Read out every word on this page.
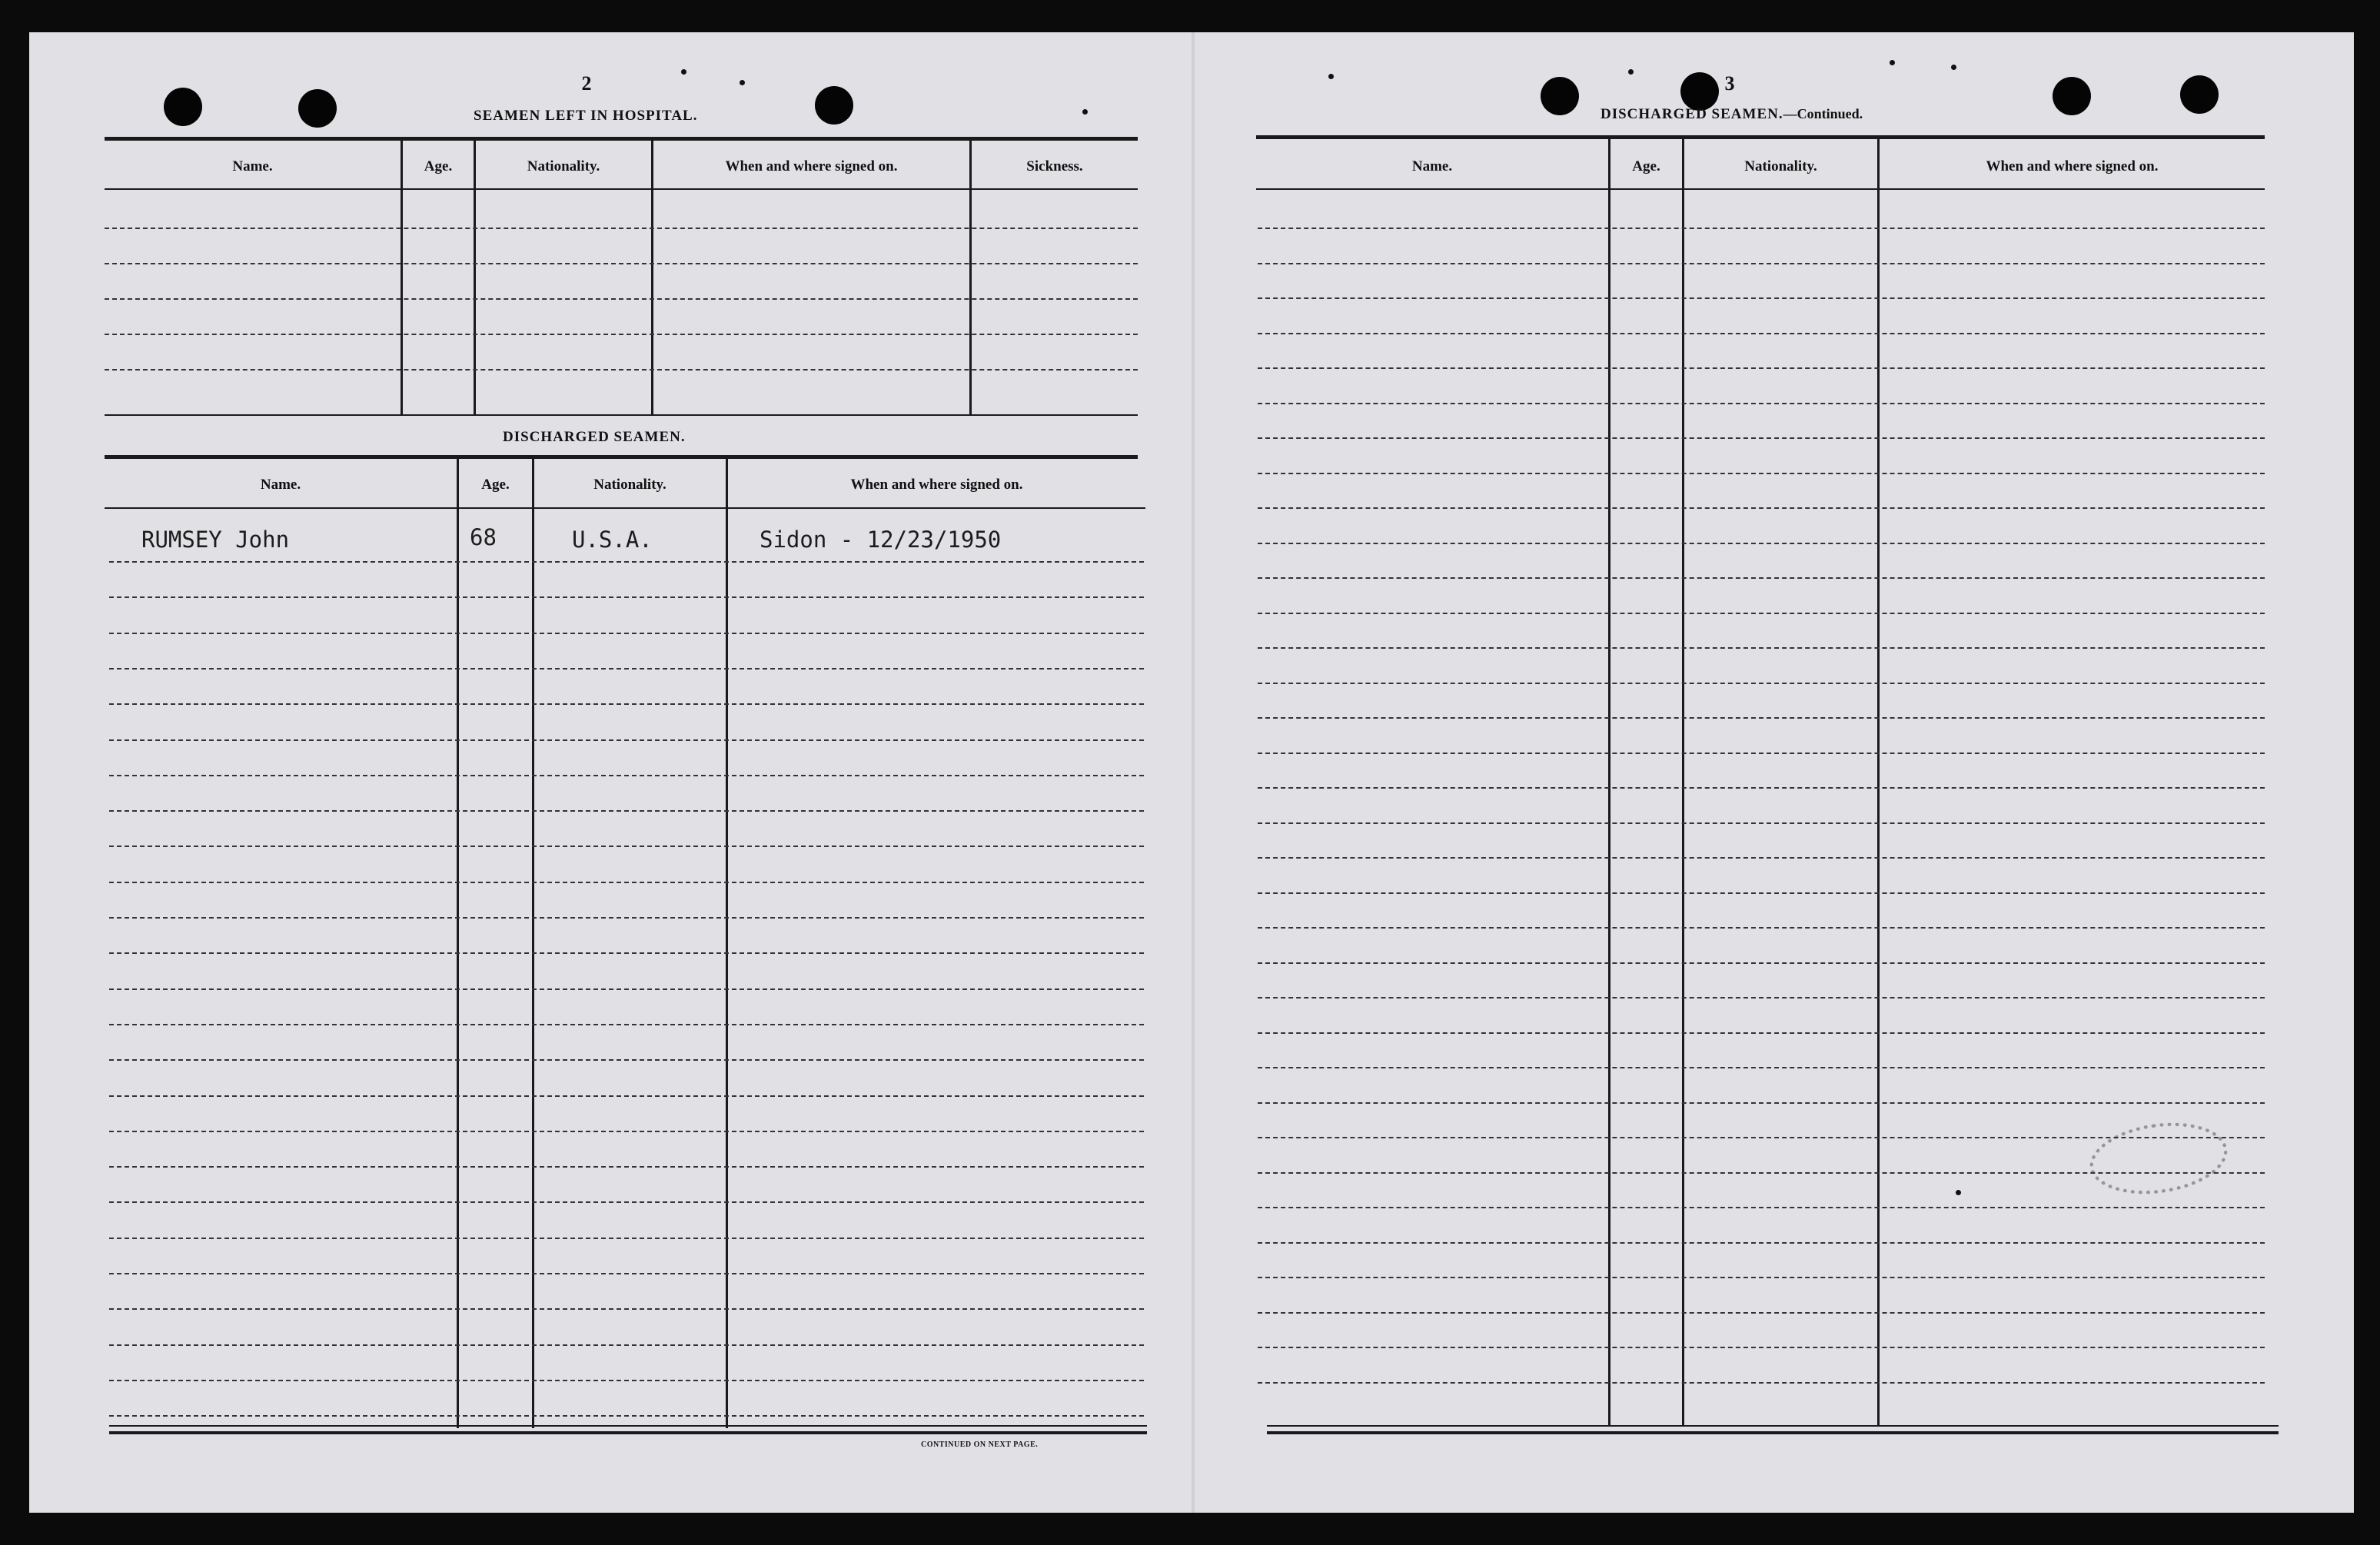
2
SEAMEN LEFT IN HOSPITAL.
Name.	Age.	Nationality.	When and where signed on.	Sickness.
DISCHARGED SEAMEN.
Name.	Age.	Nationality.	When and where signed on.
RUMSEY John	68	U.S.A.	Sidon - 12/23/1950
CONTINUED ON NEXT PAGE.
3
DISCHARGED SEAMEN.—Continued.
Name.	Age.	Nationality.	When and where signed on.
